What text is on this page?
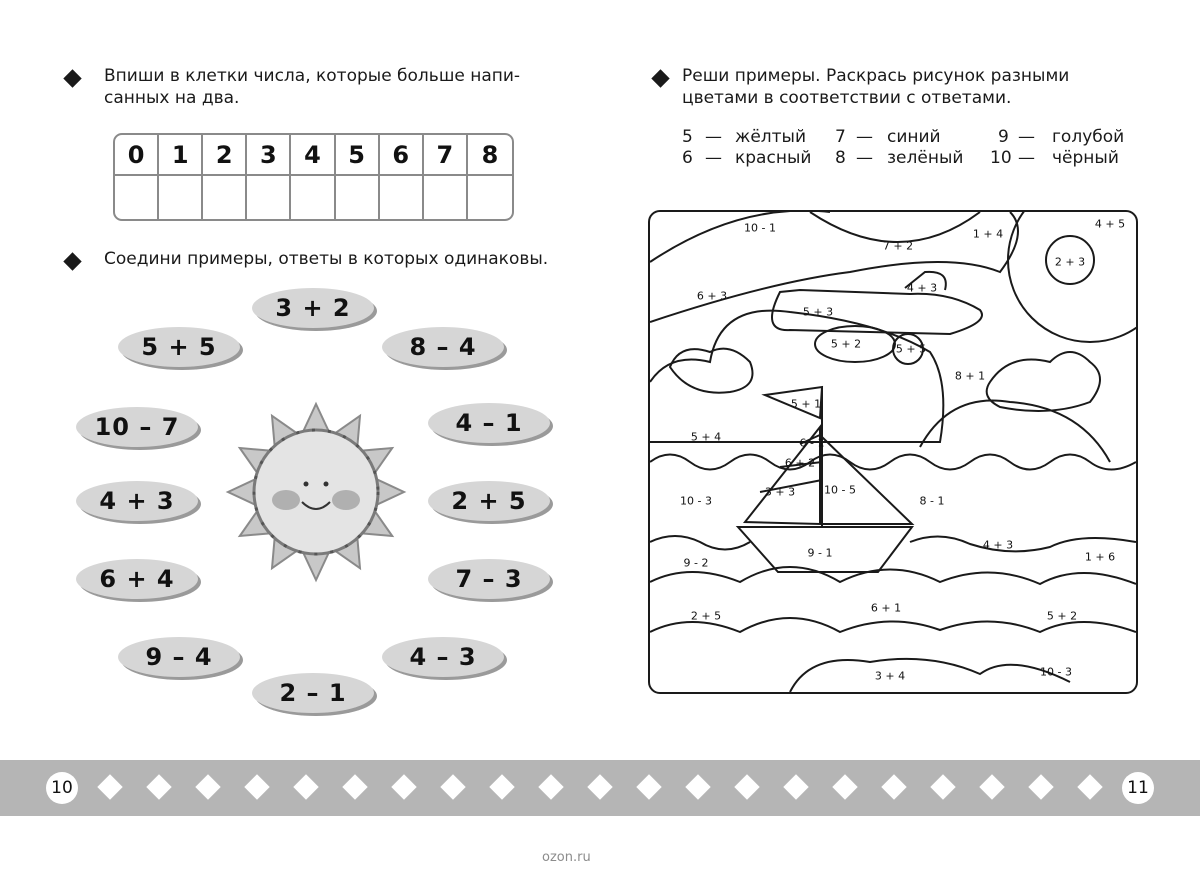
Впиши в клетки числа, которые больше напи-
санных на два.
0	1	2	3	4	5	6	7	8
Соедини примеры, ответы в которых одинаковы.
3 + 2
5 + 5	8 – 4
10 – 7	4 – 1
4 + 3	2 + 5
6 + 4	7 – 3
9 – 4	4 – 3
2 – 1
Реши примеры. Раскрась рисунок разными
цветами в соответствии с ответами.
5 — жёлтый
6 — красный
7 — синий
8 — зелёный
9 — голубой
10 — чёрный
10 - 1
7 + 2
1 + 4
4 + 5
2 + 3
6 + 3
4 + 3
5 + 3
5 + 2	5 + 5
8 + 1
5 + 1
5 + 4	6 - 1
6 + 2
3 + 3	10 - 5
10 - 3	8 - 1
9 - 1
4 + 3
9 - 2	1 + 6
2 + 5
6 + 1
5 + 2
3 + 4	10 - 3
10	11
ozon.ru
